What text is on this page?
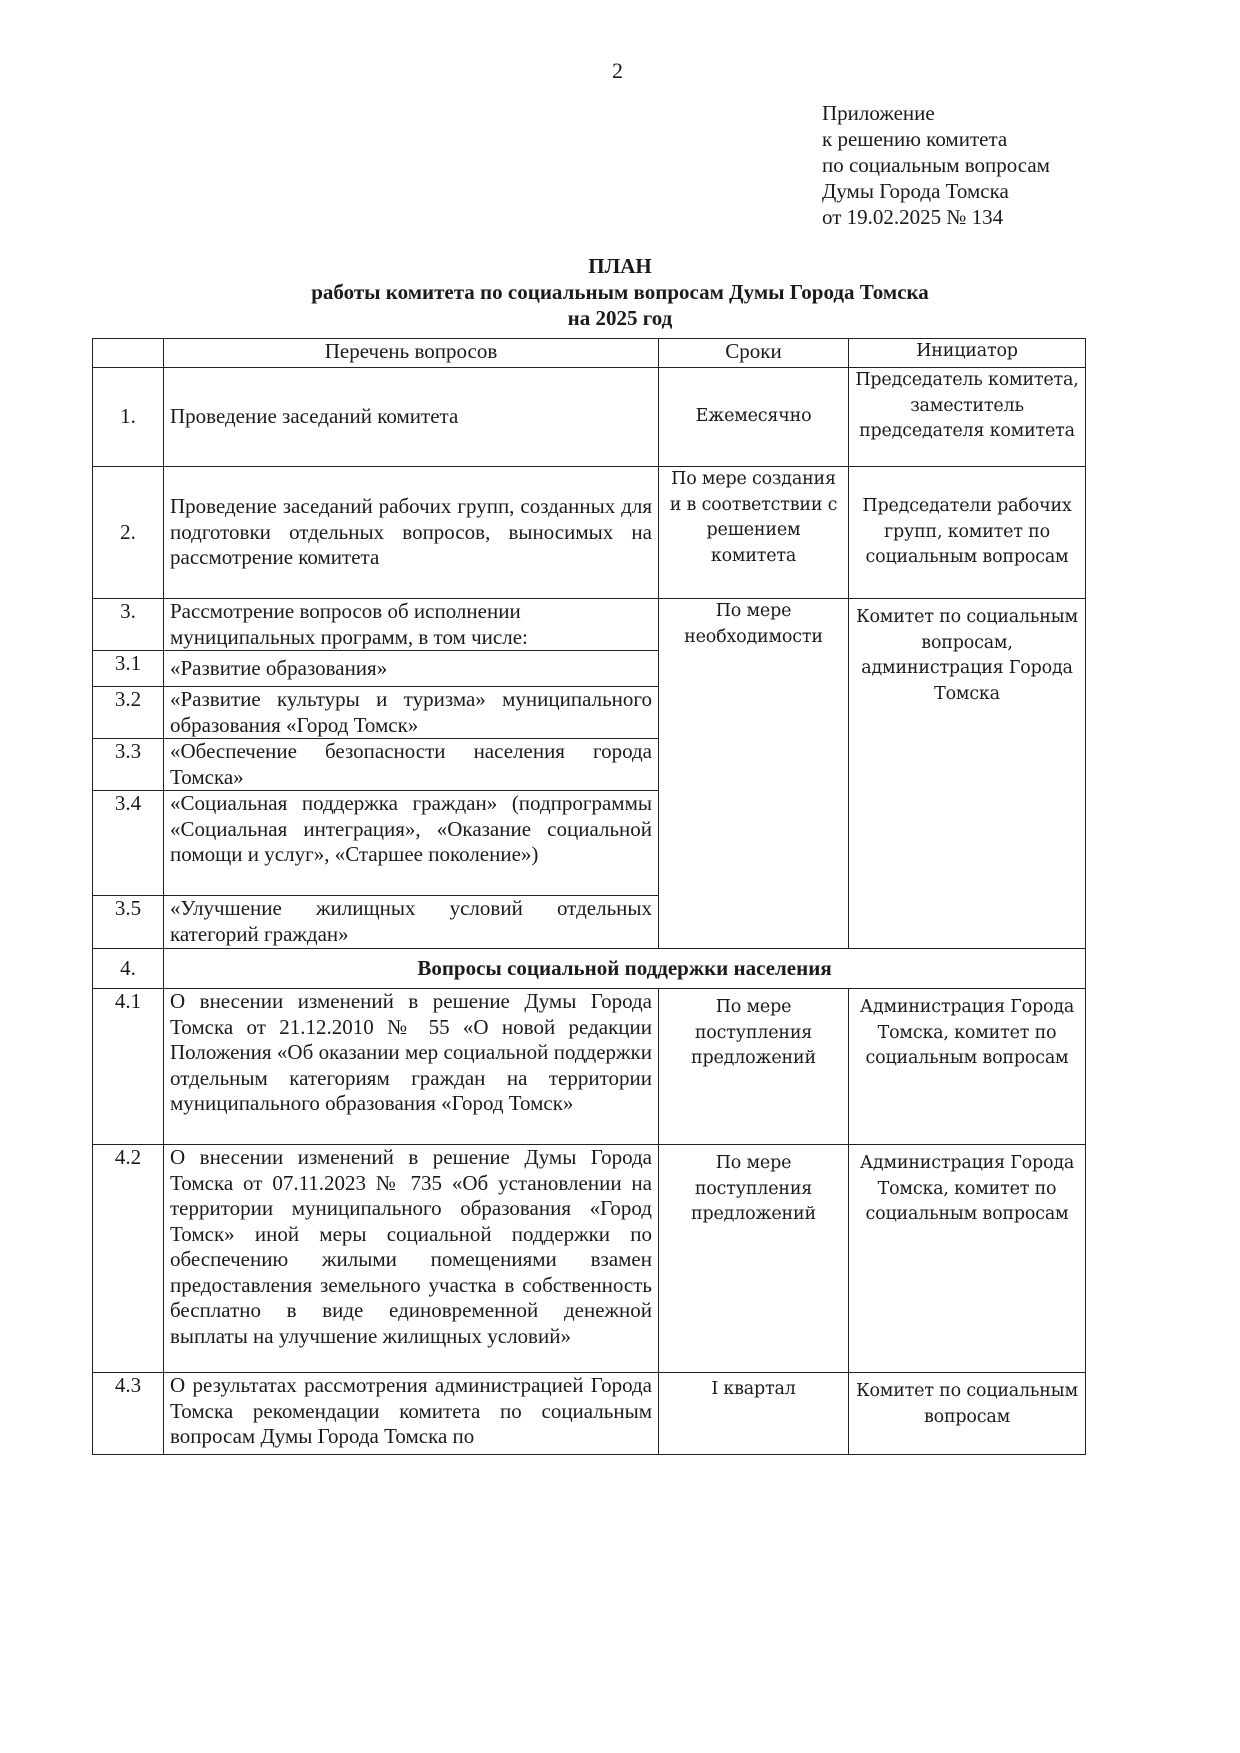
2
Приложение
к решению комитета
по социальным вопросам
Думы Города Томска
от 19.02.2025 № 134
ПЛАН
работы комитета по социальным вопросам Думы Города Томска
на 2025 год
	Перечень вопросов	Сроки	Инициатор
1.	Проведение заседаний комитета	Ежемесячно	Председатель комитета, заместитель председателя комитета
2.	Проведение заседаний рабочих групп, созданных для подготовки отдельных вопросов, выносимых на рассмотрение комитета	По мере создания и в соответствии с решением комитета	Председатели рабочих групп, комитет по социальным вопросам
3.	Рассмотрение вопросов об исполнении муниципальных программ, в том числе:	По мере необходимости	Комитет по социальным вопросам, администрация Города Томска
3.1	«Развитие образования»		
3.2	«Развитие культуры и туризма» муниципального образования «Город Томск»		
3.3	«Обеспечение безопасности населения города Томска»		
3.4	«Социальная поддержка граждан» (подпрограммы «Социальная интеграция», «Оказание социальной помощи и услуг», «Старшее поколение»)		
3.5	«Улучшение жилищных условий отдельных категорий граждан»		
4.	Вопросы социальной поддержки населения		
4.1	О внесении изменений в решение Думы Города Томска от 21.12.2010 № 55 «О новой редакции Положения «Об оказании мер социальной поддержки отдельным категориям граждан на территории муниципального образования «Город Томск»	По мере поступления предложений	Администрация Города Томска, комитет по социальным вопросам
4.2	О внесении изменений в решение Думы Города Томска от 07.11.2023 № 735 «Об установлении на территории муниципального образования «Город Томск» иной меры социальной поддержки по обеспечению жилыми помещениями взамен предоставления земельного участка в собственность бесплатно в виде единовременной денежной выплаты на улучшение жилищных условий»	По мере поступления предложений	Администрация Города Томска, комитет по социальным вопросам
4.3	О результатах рассмотрения администрацией Города Томска рекомендации комитета по социальным вопросам Думы Города Томска по	I квартал	Комитет по социальным вопросам
